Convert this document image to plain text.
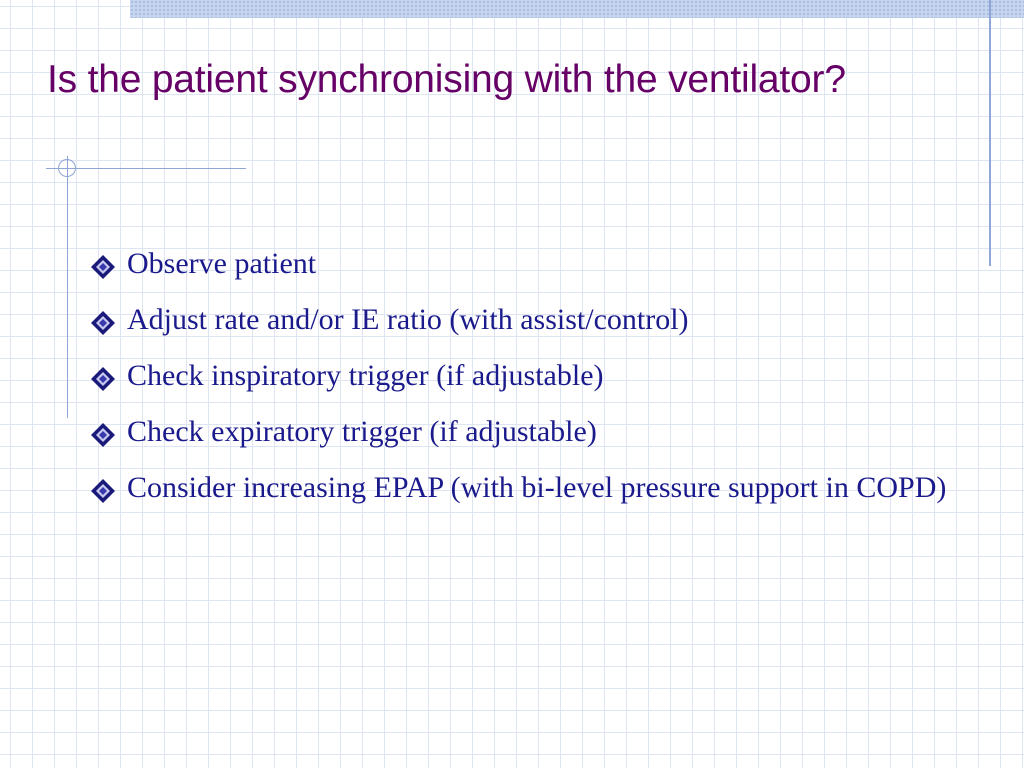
Is the patient synchronising with the ventilator?
Observe patient
Adjust rate and/or IE ratio (with assist/control)
Check inspiratory trigger (if adjustable)
Check expiratory trigger (if adjustable)
Consider increasing EPAP (with bi-level pressure support in COPD)
